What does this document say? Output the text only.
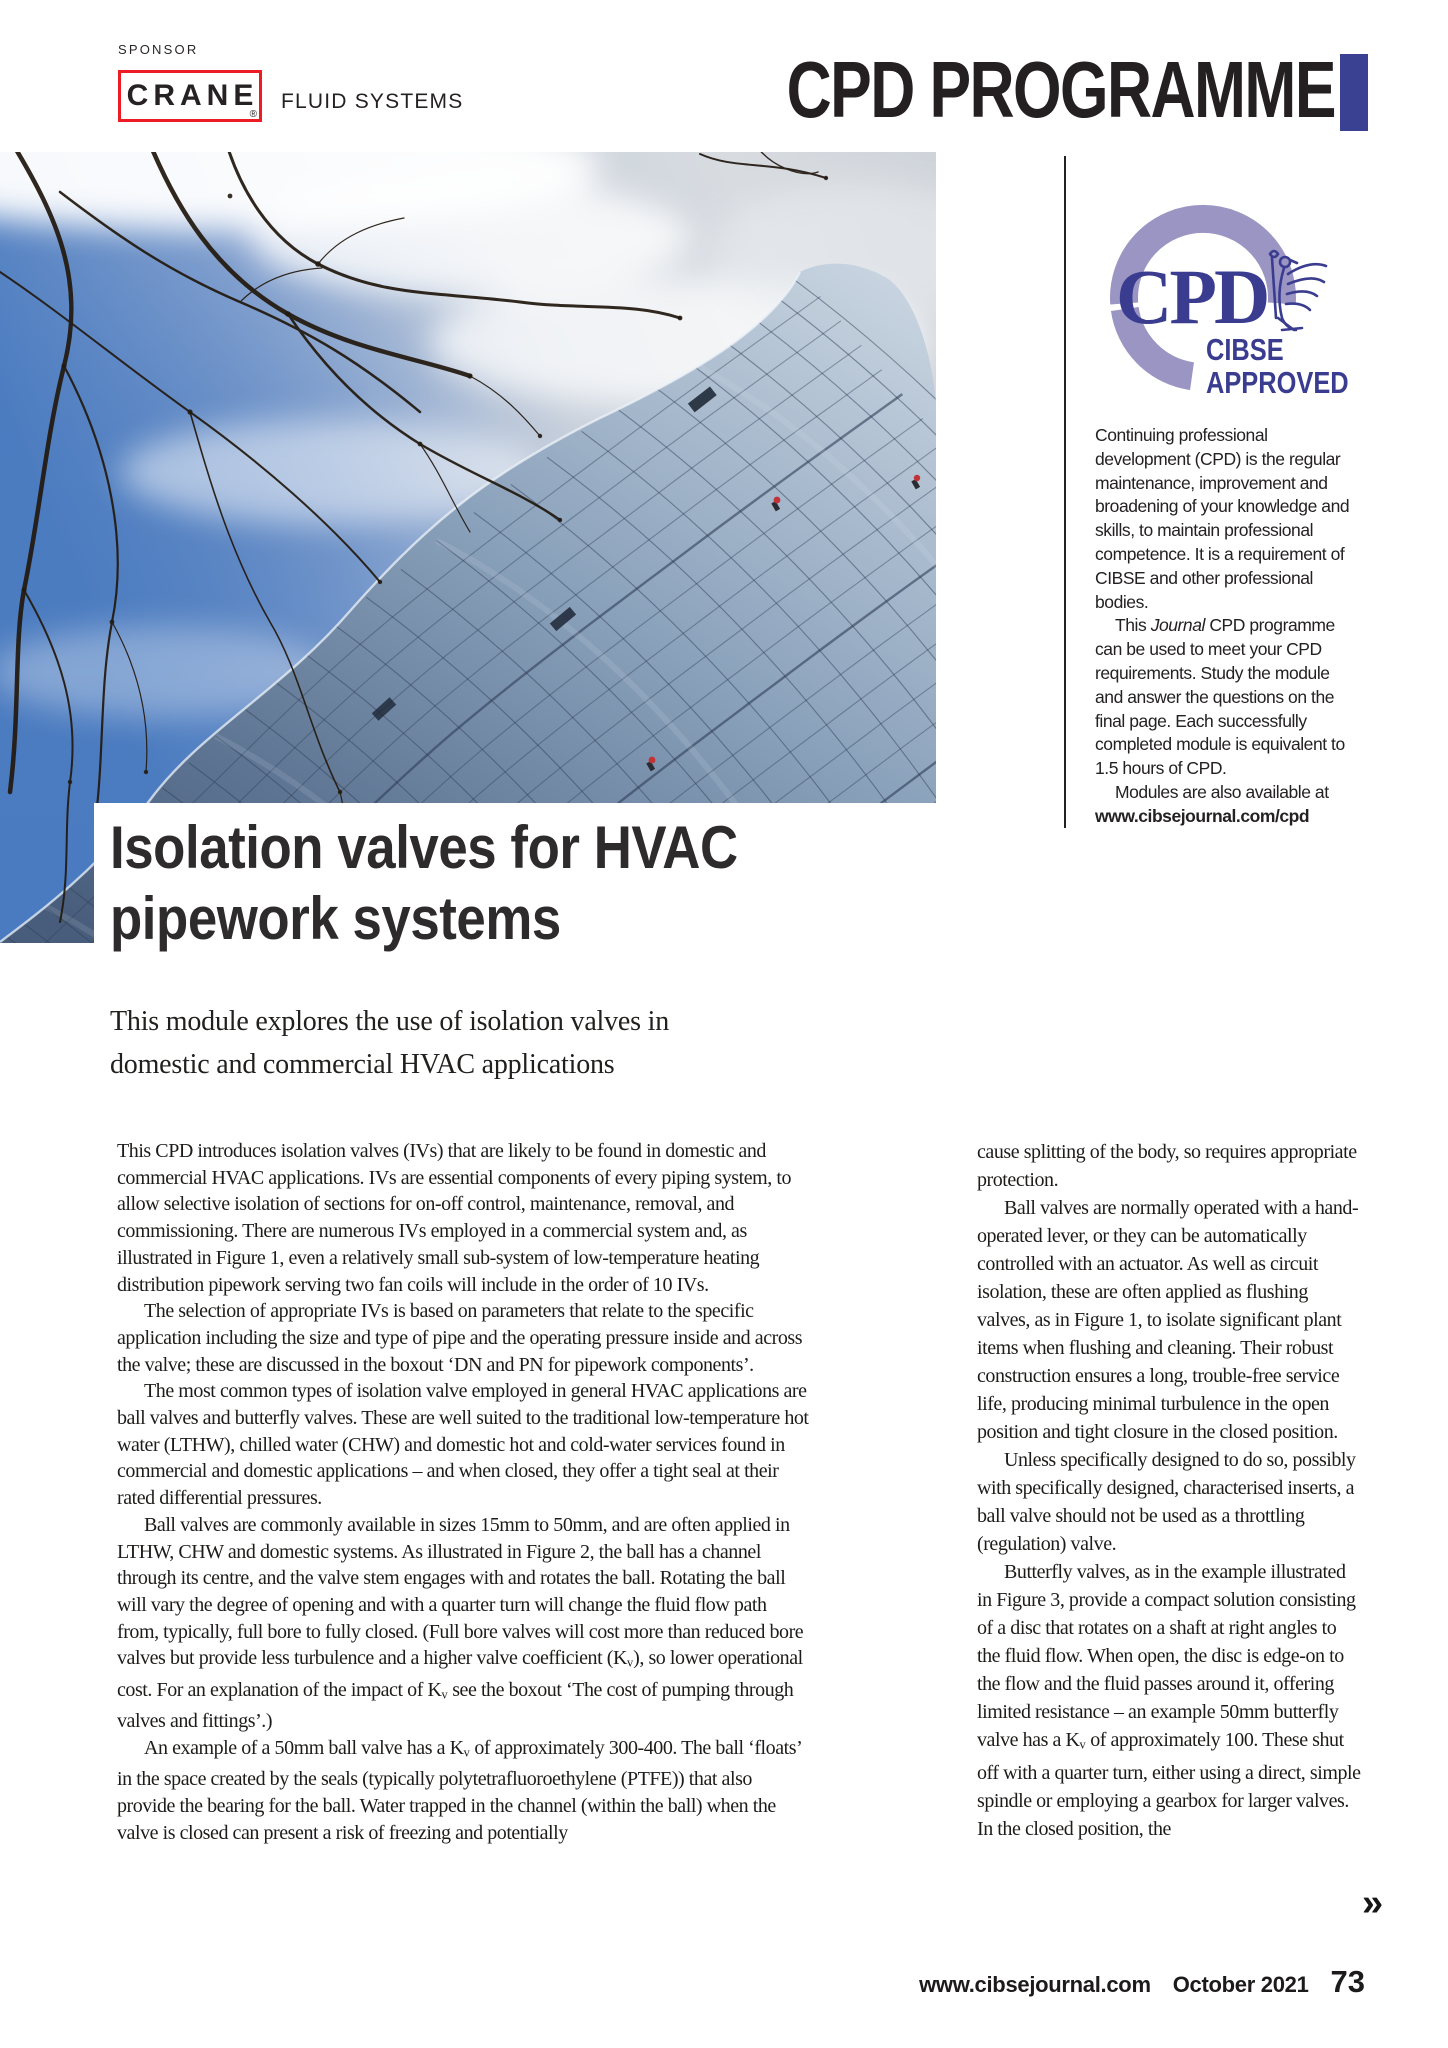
SPONSOR
CRANE
®
FLUID SYSTEMS	CPD PROGRAMME
Isolation valves for HVAC
pipework systems
This module explores the use of isolation valves in domestic and commercial HVAC applications
CPD
CIBSE
APPROVED

Continuing professional development (CPD) is the regular maintenance, improvement and broadening of your knowledge and skills, to maintain professional competence. It is a requirement of CIBSE and other professional bodies.

This Journal CPD programme can be used to meet your CPD requirements. Study the module and answer the questions on the final page. Each successfully completed module is equivalent to 1.5 hours of CPD.

Modules are also available at www.cibsejournal.com/cpd

This CPD introduces isolation valves (IVs) that are likely to be found in domestic and commercial HVAC applications. IVs are essential components of every piping system, to allow selective isolation of sections for on-off control, maintenance, removal, and commissioning. There are numerous IVs employed in a commercial system and, as illustrated in Figure 1, even a relatively small sub-system of low-temperature heating distribution pipework serving two fan coils will include in the order of 10 IVs.

The selection of appropriate IVs is based on parameters that relate to the specific application including the size and type of pipe and the operating pressure inside and across the valve; these are discussed in the boxout ‘DN and PN for pipework components’.

The most common types of isolation valve employed in general HVAC applications are ball valves and butterfly valves. These are well suited to the traditional low-temperature hot water (LTHW), chilled water (CHW) and domestic hot and cold-water services found in commercial and domestic applications – and when closed, they offer a tight seal at their rated differential pressures.

Ball valves are commonly available in sizes 15mm to 50mm, and are often applied in LTHW, CHW and domestic systems. As illustrated in Figure 2, the ball has a channel through its centre, and the valve stem engages with and rotates the ball. Rotating the ball will vary the degree of opening and with a quarter turn will change the fluid flow path from, typically, full bore to fully closed. (Full bore valves will cost more than reduced bore valves but provide less turbulence and a higher valve coefficient $(K_v)$, so lower operational cost. For an explanation of the impact of $K_v$ see the boxout ‘The cost of pumping through valves and fittings’.)

An example of a 50mm ball valve has a $K_v$ of approximately 300-400. The ball ‘floats’ in the space created by the seals (typically polytetrafluoroethylene (PTFE)) that also provide the bearing for the ball. Water trapped in the channel (within the ball) when the valve is closed can present a risk of freezing and potentially

cause splitting of the body, so requires appropriate protection.

Ball valves are normally operated with a hand-operated lever, or they can be automatically controlled with an actuator. As well as circuit isolation, these are often applied as flushing valves, as in Figure 1, to isolate significant plant items when flushing and cleaning. Their robust construction ensures a long, trouble-free service life, producing minimal turbulence in the open position and tight closure in the closed position.

Unless specifically designed to do so, possibly with specifically designed, characterised inserts, a ball valve should not be used as a throttling (regulation) valve.

Butterfly valves, as in the example illustrated in Figure 3, provide a compact solution consisting of a disc that rotates on a shaft at right angles to the fluid flow. When open, the disc is edge-on to the flow and the fluid passes around it, offering limited resistance – an example 50mm butterfly valve has a $K_v$ of approximately 100. These shut off with a quarter turn, either using a direct, simple spindle or employing a gearbox for larger valves. In the closed position, the

»
www.cibsejournal.com October 2021 73
